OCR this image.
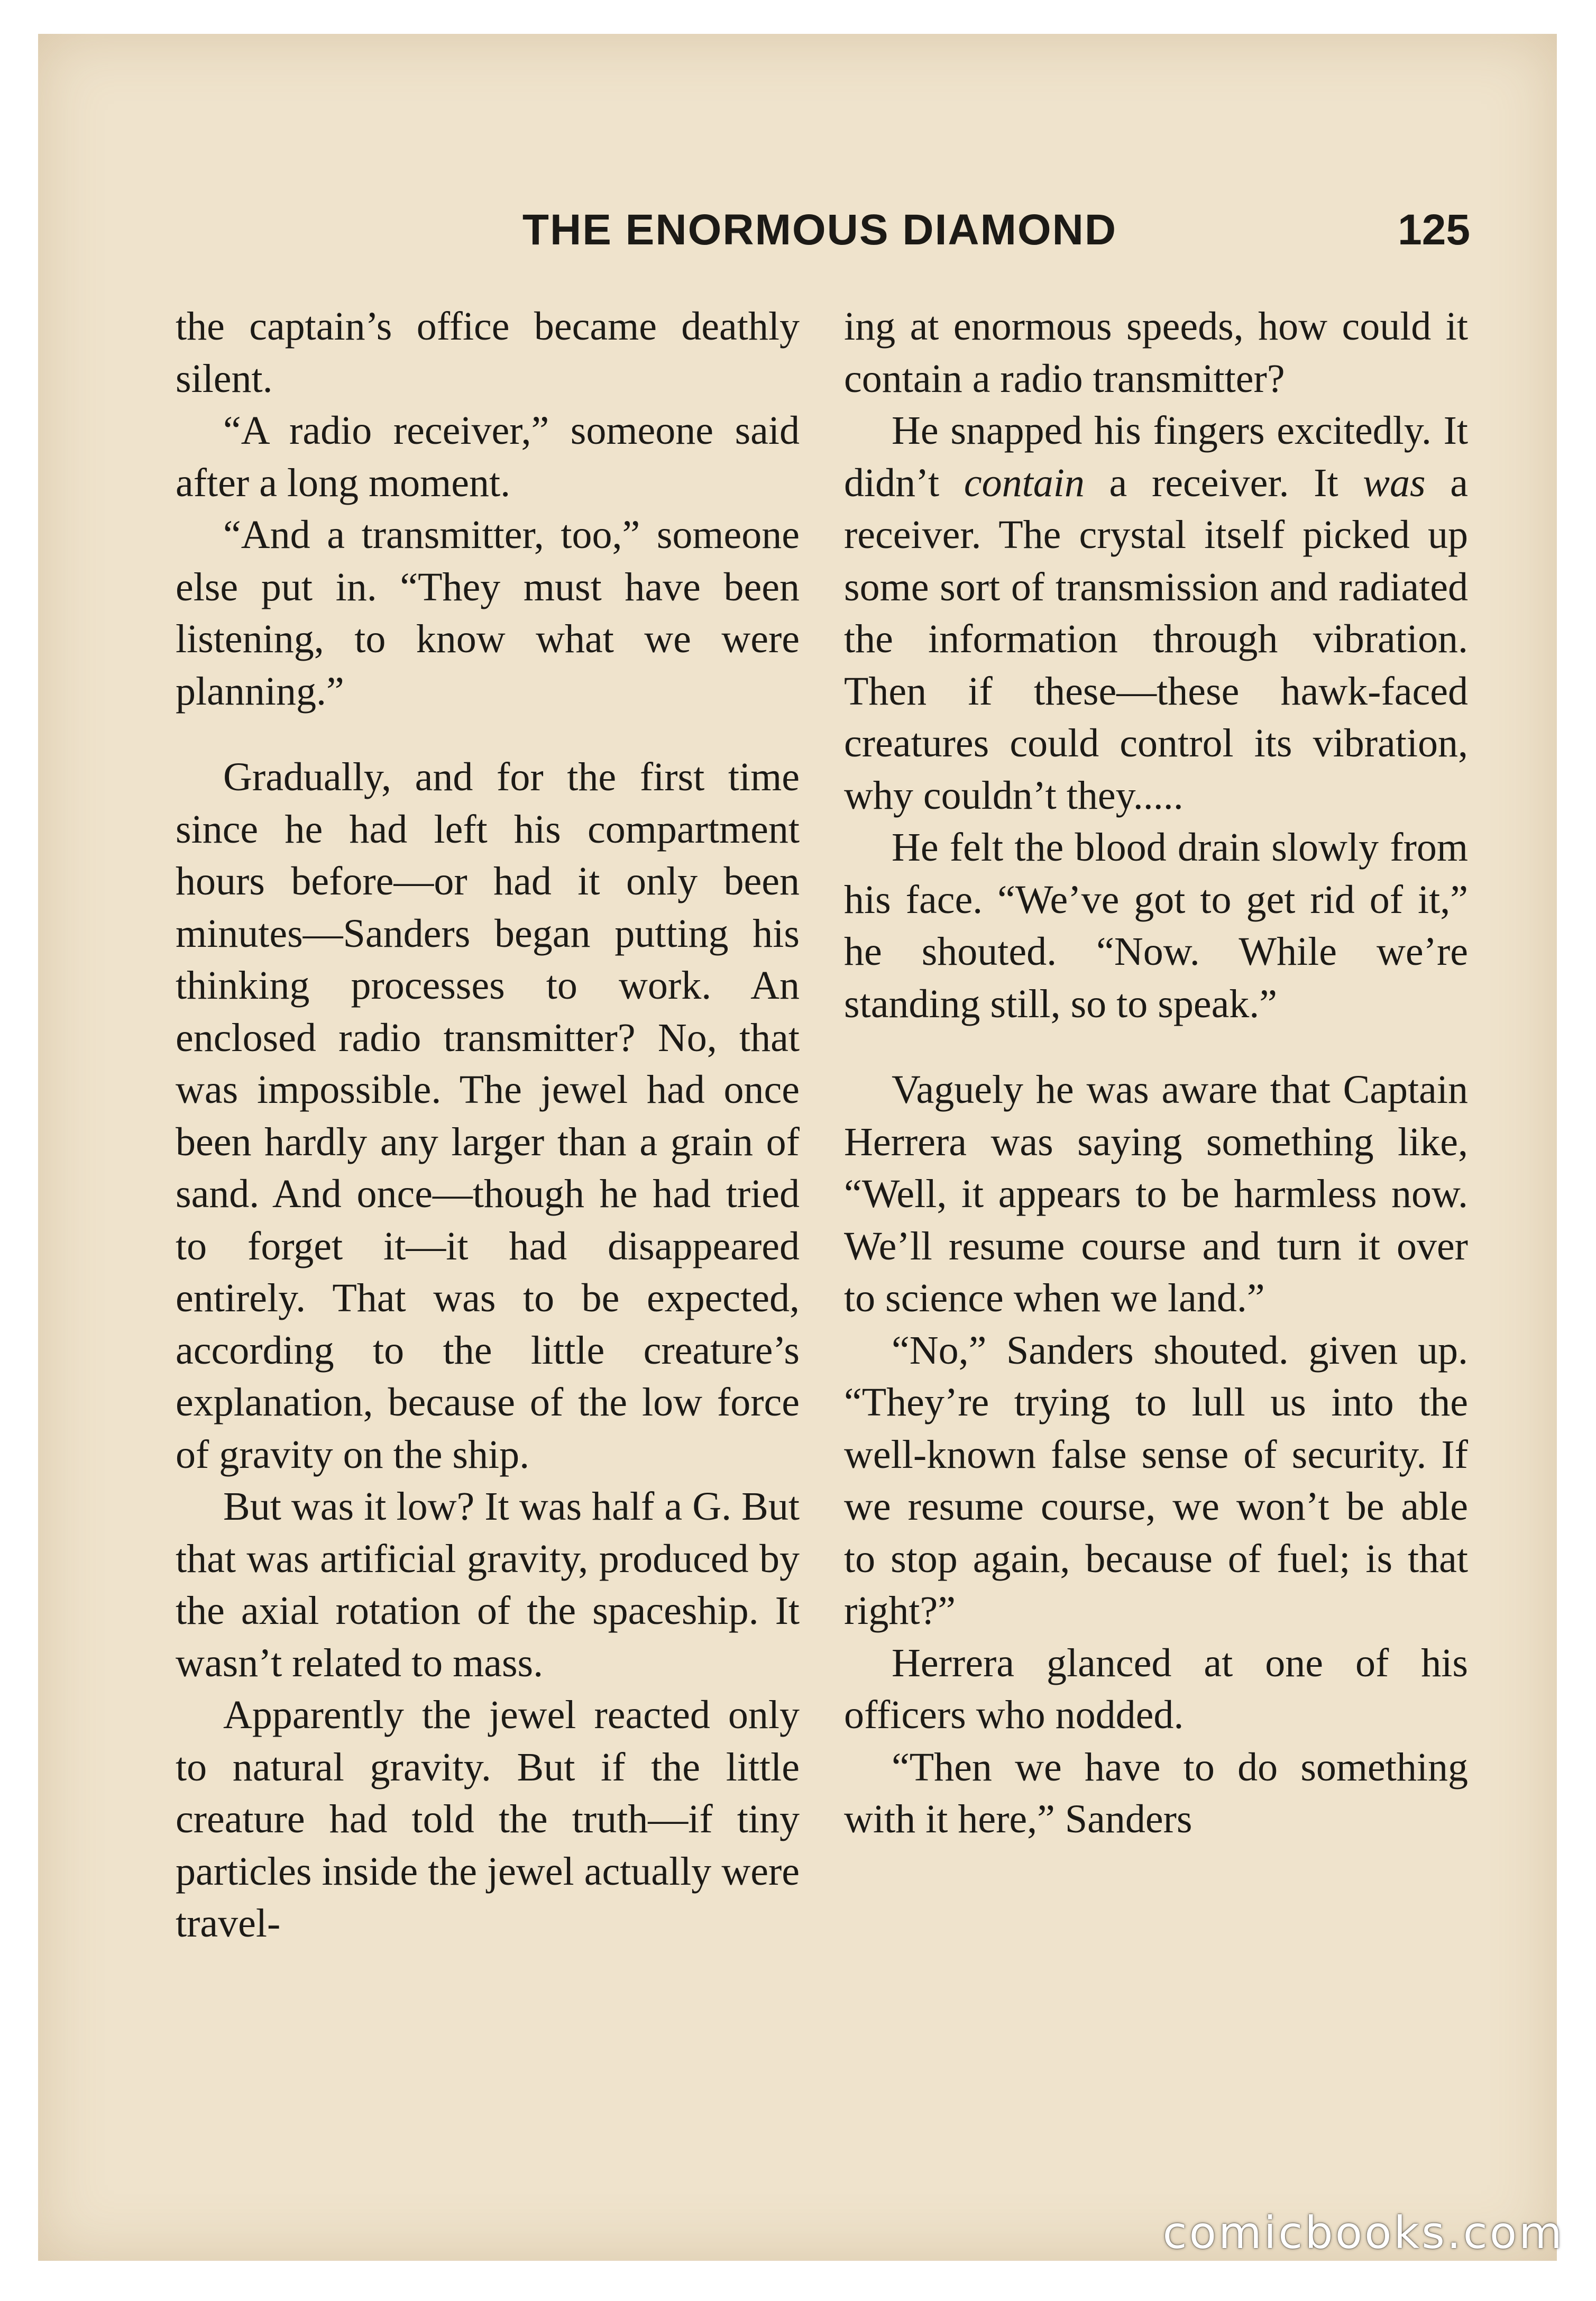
THE ENORMOUS DIAMOND	125

the captain’s office became deathly silent.

“A radio receiver,” someone said after a long moment.

“And a transmitter, too,” someone else put in. “They must have been listening, to know what we were planning.”

Gradually, and for the first time since he had left his compartment hours before—or had it only been minutes—Sanders began putting his thinking processes to work. An enclosed radio transmitter? No, that was impossible. The jewel had once been hardly any larger than a grain of sand. And once—though he had tried to forget it—it had disappeared entirely. That was to be expected, according to the little creature’s explanation, because of the low force of gravity on the ship.

But was it low? It was half a G. But that was artificial gravity, produced by the axial rotation of the spaceship. It wasn’t related to mass.

Apparently the jewel reacted only to natural gravity. But if the little creature had told the truth—if tiny particles inside the jewel actually were travel-

ing at enormous speeds, how could it contain a radio transmitter?

He snapped his fingers excitedly. It didn’t contain a receiver. It was a receiver. The crystal itself picked up some sort of transmission and radiated the information through vibration. Then if these—these hawk-faced creatures could control its vibration, why couldn’t they.....

He felt the blood drain slowly from his face. “We’ve got to get rid of it,” he shouted. “Now. While we’re standing still, so to speak.”

Vaguely he was aware that Captain Herrera was saying something like, “Well, it appears to be harmless now. We’ll resume course and turn it over to science when we land.”

“No,” Sanders shouted. given up. “They’re trying to lull us into the well-known false sense of security. If we resume course, we won’t be able to stop again, because of fuel; is that right?”

Herrera glanced at one of his officers who nodded.

“Then we have to do something with it here,” Sanders

comicbooks.com
